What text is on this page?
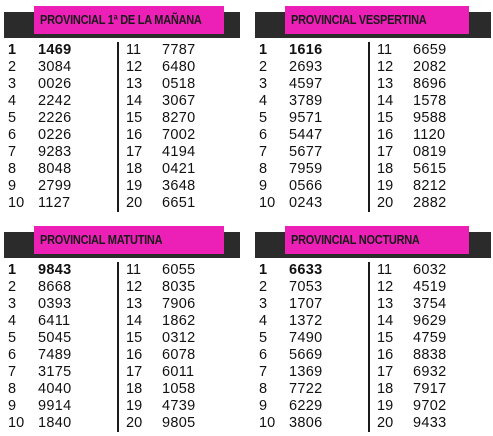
PROVINCIAL 1ª DE LA MAÑANA
1	1469
2	3084
3	0026
4	2242
5	2226
6	0226
7	9283
8	8048
9	2799
10 1127
11	7787
12	6480
13	0518
14	3067
15	8270
16	7002
17	4194
18	0421
19	3648
20	6651
PROVINCIAL VESPERTINA
1	1616
2	2693
3	4597
4	3789
5	9571
6	5447
7	5677
8	7959
9	0566
10 0243
11	6659
12	2082
13	8696
14	1578
15	9588
16	1120
17	0819
18	5615
19	8212
20	2882
PROVINCIAL MATUTINA
1	9843
2	8668
3	0393
4	6411
5	5045
6	7489
7	3175
8	4040
9	9914
10 1840
11	6055
12	8035
13	7906
14	1862
15	0312
16	6078
17	6011
18	1058
19	4739
20	9805
PROVINCIAL NOCTURNA
1	6633
2	7053
3	1707
4	1372
5	7490
6	5669
7	1369
8	7722
9	6229
10 3806
11	6032
12	4519
13	3754
14	9629
15	4759
16	8838
17	6932
18	7917
19	9702
20	9433
